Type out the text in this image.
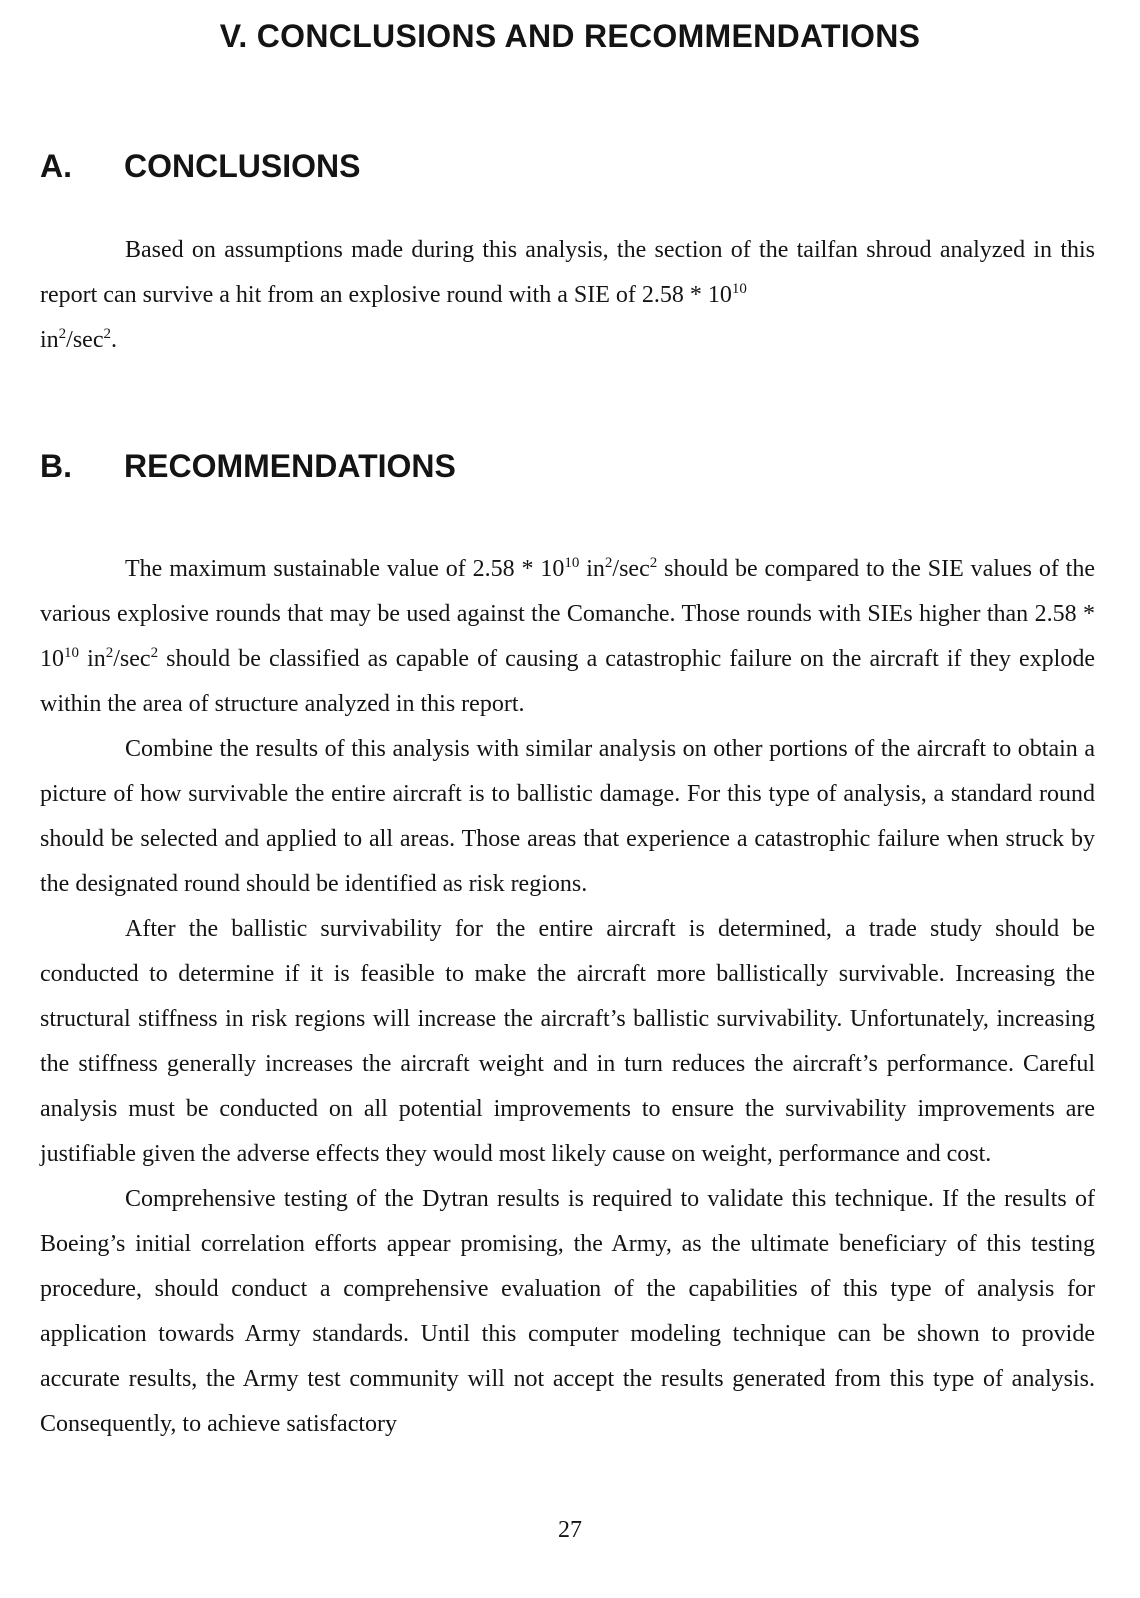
V. CONCLUSIONS AND RECOMMENDATIONS
A. CONCLUSIONS

Based on assumptions made during this analysis, the section of the tailfan shroud analyzed in this report can survive a hit from an explosive round with a SIE of $2.58 * 10^{10}$
$in^2/\sec^2$.

B. RECOMMENDATIONS

The maximum sustainable value of $2.58 * 10^{10}$ $in^2/\sec^2$ should be compared to the SIE values of the various explosive rounds that may be used against the Comanche. Those rounds with SIEs higher than $2.58 * 10^{10}$ $in^2/\sec^2$ should be classified as capable of causing a catastrophic failure on the aircraft if they explode within the area of structure analyzed in this report.

Combine the results of this analysis with similar analysis on other portions of the aircraft to obtain a picture of how survivable the entire aircraft is to ballistic damage. For this type of analysis, a standard round should be selected and applied to all areas. Those areas that experience a catastrophic failure when struck by the designated round should be identified as risk regions.

After the ballistic survivability for the entire aircraft is determined, a trade study should be conducted to determine if it is feasible to make the aircraft more ballistically survivable. Increasing the structural stiffness in risk regions will increase the aircraft’s ballistic survivability. Unfortunately, increasing the stiffness generally increases the aircraft weight and in turn reduces the aircraft’s performance. Careful analysis must be conducted on all potential improvements to ensure the survivability improvements are justifiable given the adverse effects they would most likely cause on weight, performance and cost.

Comprehensive testing of the Dytran results is required to validate this technique. If the results of Boeing’s initial correlation efforts appear promising, the Army, as the ultimate beneficiary of this testing procedure, should conduct a comprehensive evaluation of the capabilities of this type of analysis for application towards Army standards. Until this computer modeling technique can be shown to provide accurate results, the Army test community will not accept the results generated from this type of analysis. Consequently, to achieve satisfactory

27
